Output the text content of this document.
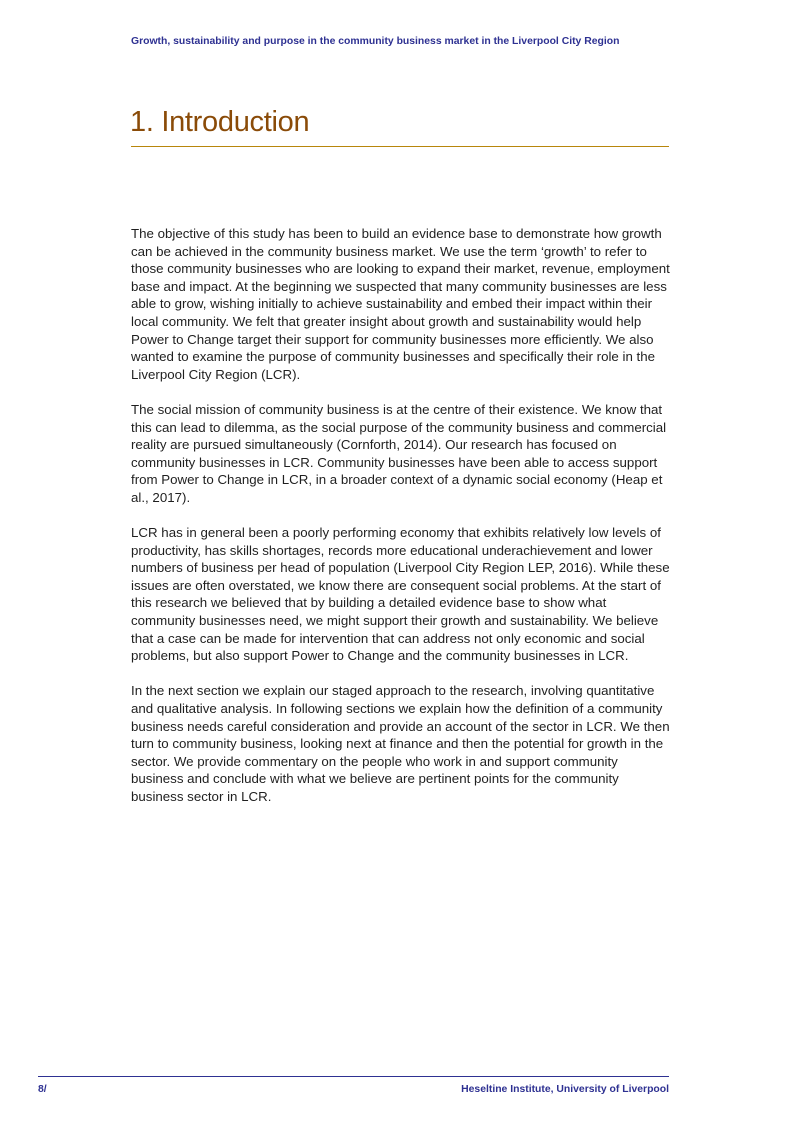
Growth, sustainability and purpose in the community business market in the Liverpool City Region
1. Introduction

The objective of this study has been to build an evidence base to demonstrate how growth can be achieved in the community business market. We use the term ‘growth’ to refer to those community businesses who are looking to expand their market, revenue, employment base and impact. At the beginning we suspected that many community businesses are less able to grow, wishing initially to achieve sustainability and embed their impact within their local community. We felt that greater insight about growth and sustainability would help Power to Change target their support for community businesses more efficiently. We also wanted to examine the purpose of community businesses and specifically their role in the Liverpool City Region (LCR).

The social mission of community business is at the centre of their existence. We know that this can lead to dilemma, as the social purpose of the community business and commercial reality are pursued simultaneously (Cornforth, 2014). Our research has focused on community businesses in LCR. Community businesses have been able to access support from Power to Change in LCR, in a broader context of a dynamic social economy (Heap et al., 2017).

LCR has in general been a poorly performing economy that exhibits relatively low levels of productivity, has skills shortages, records more educational underachievement and lower numbers of business per head of population (Liverpool City Region LEP, 2016). While these issues are often overstated, we know there are consequent social problems. At the start of this research we believed that by building a detailed evidence base to show what community businesses need, we might support their growth and sustainability. We believe that a case can be made for intervention that can address not only economic and social problems, but also support Power to Change and the community businesses in LCR.

In the next section we explain our staged approach to the research, involving quantitative and qualitative analysis. In following sections we explain how the definition of a community business needs careful consideration and provide an account of the sector in LCR. We then turn to community business, looking next at finance and then the potential for growth in the sector. We provide commentary on the people who work in and support community business and conclude with what we believe are pertinent points for the community business sector in LCR.

8/	Heseltine Institute, University of Liverpool
